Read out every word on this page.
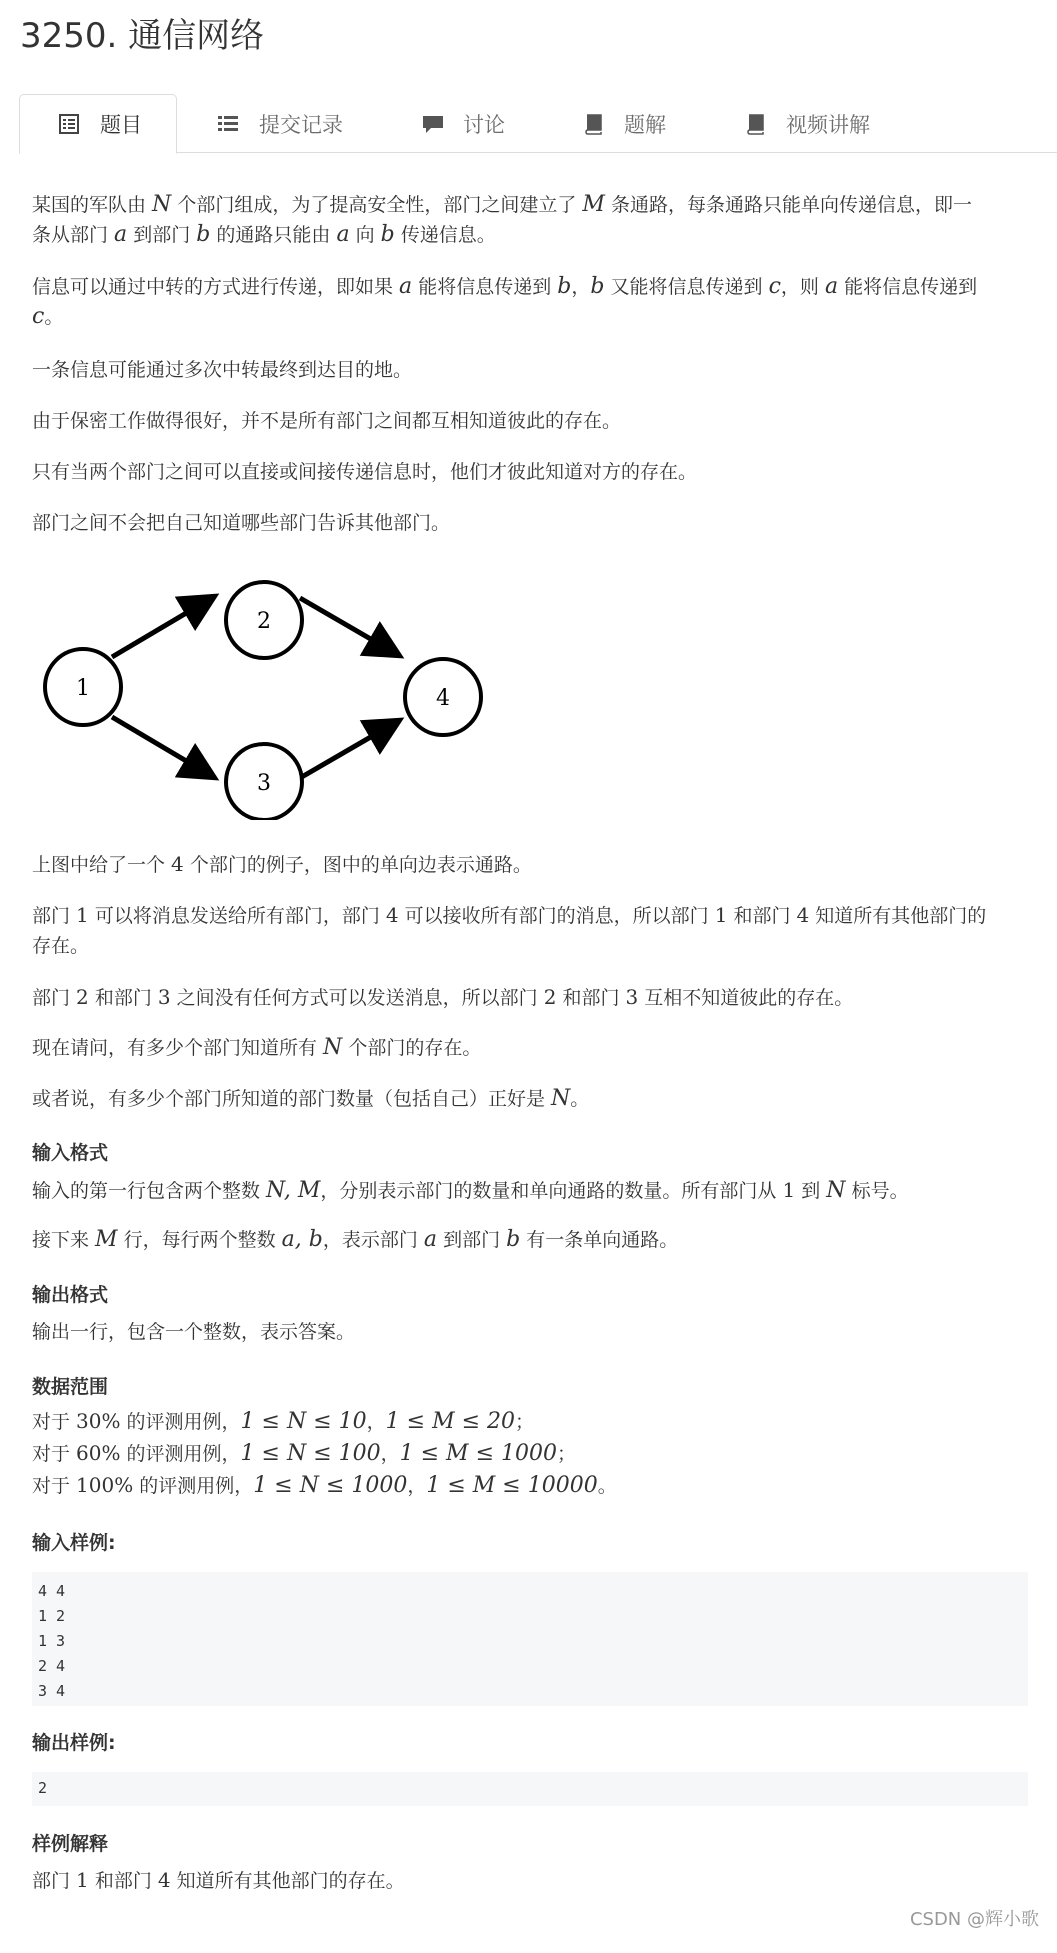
3250. 通信网络
题目	提交记录	讨论	题解	视频讲解
某国的军队由 N 个部门组成，为了提高安全性，部门之间建立了 M 条通路，每条通路只能单向传递信息，即一
条从部门 a 到部门 b 的通路只能由 a 向 b 传递信息。
信息可以通过中转的方式进行传递，即如果 a 能将信息传递到 b，b 又能将信息传递到 c，则 a 能将信息传递到
c。
一条信息可能通过多次中转最终到达目的地。
由于保密工作做得很好，并不是所有部门之间都互相知道彼此的存在。
只有当两个部门之间可以直接或间接传递信息时，他们才彼此知道对方的存在。
部门之间不会把自己知道哪些部门告诉其他部门。
1
2
3
4
上图中给了一个 4 个部门的例子，图中的单向边表示通路。
部门 1 可以将消息发送给所有部门，部门 4 可以接收所有部门的消息，所以部门 1 和部门 4 知道所有其他部门的
存在。
部门 2 和部门 3 之间没有任何方式可以发送消息，所以部门 2 和部门 3 互相不知道彼此的存在。
现在请问，有多少个部门知道所有 N 个部门的存在。
或者说，有多少个部门所知道的部门数量（包括自己）正好是 N。
输入格式
输入的第一行包含两个整数 N, M，分别表示部门的数量和单向通路的数量。所有部门从 1 到 N 标号。
接下来 M 行，每行两个整数 a, b，表示部门 a 到部门 b 有一条单向通路。
输出格式
输出一行，包含一个整数，表示答案。
数据范围
对于 30% 的评测用例，1 ≤ N ≤ 10，1 ≤ M ≤ 20；
对于 60% 的评测用例，1 ≤ N ≤ 100，1 ≤ M ≤ 1000；
对于 100% 的评测用例，1 ≤ N ≤ 1000，1 ≤ M ≤ 10000。
输入样例:
4 4
1 2
1 3
2 4
3 4
输出样例:
2
样例解释
部门 1 和部门 4 知道所有其他部门的存在。
CSDN @辉小歌
